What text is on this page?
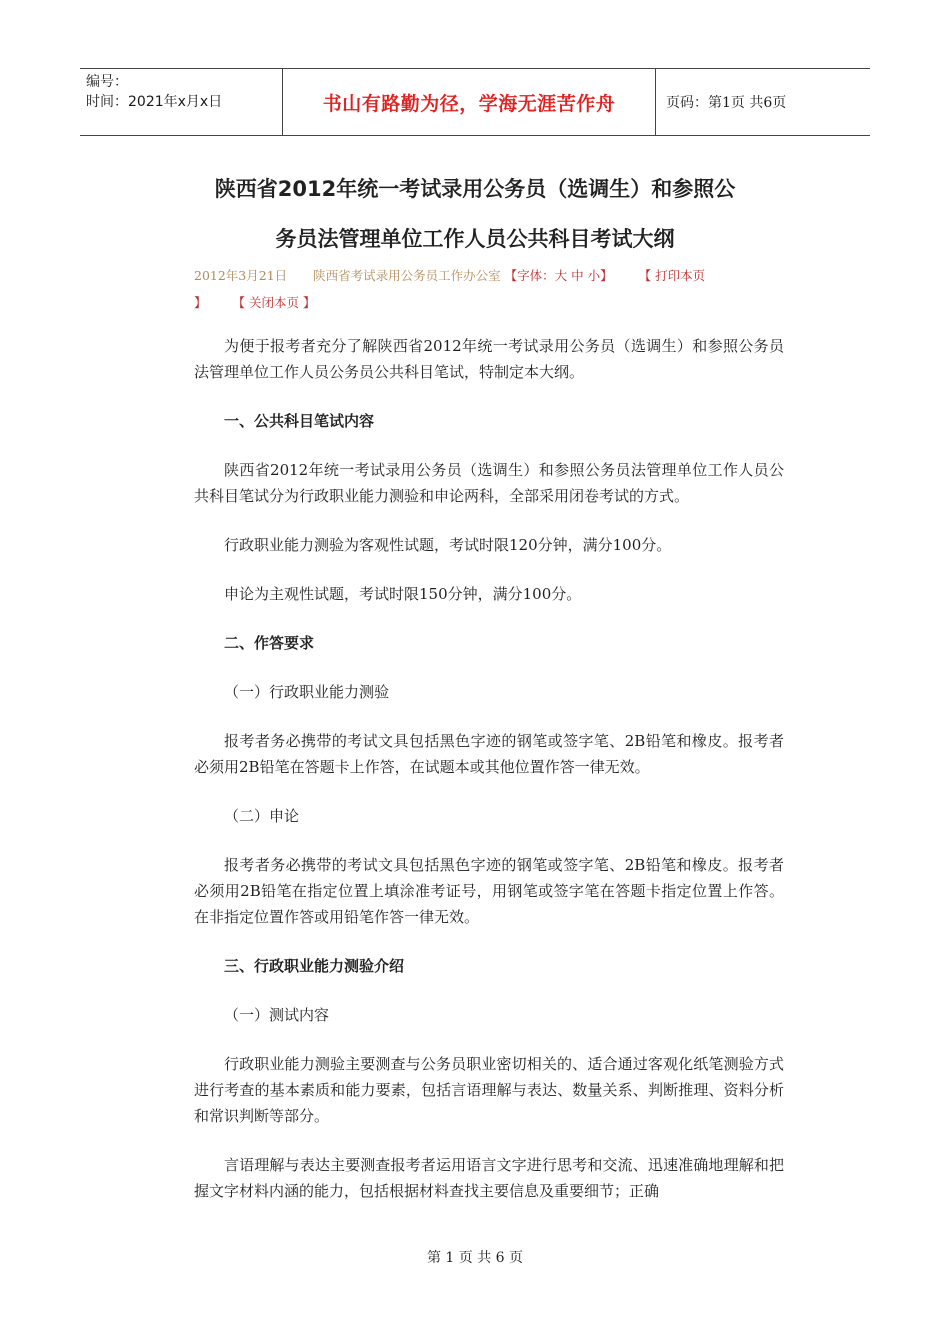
编号：
时间：2021年x月x日	书山有路勤为径，学海无涯苦作舟	页码：第1页 共6页
陕西省2012年统一考试录用公务员（选调生）和参照公
务员法管理单位工作人员公共科目考试大纲
2012年3月21日 陕西省考试录用公务员工作办公室 【字体：大 中 小】 【 打印本页
】 【 关闭本页 】

为便于报考者充分了解陕西省2012年统一考试录用公务员（选调生）和参照公务员法管理单位工作人员公务员公共科目笔试，特制定本大纲。

一、公共科目笔试内容

陕西省2012年统一考试录用公务员（选调生）和参照公务员法管理单位工作人员公共科目笔试分为行政职业能力测验和申论两科，全部采用闭卷考试的方式。

行政职业能力测验为客观性试题，考试时限120分钟，满分100分。

申论为主观性试题，考试时限150分钟，满分100分。

二、作答要求

（一）行政职业能力测验

报考者务必携带的考试文具包括黑色字迹的钢笔或签字笔、2B铅笔和橡皮。报考者必须用2B铅笔在答题卡上作答，在试题本或其他位置作答一律无效。

（二）申论

报考者务必携带的考试文具包括黑色字迹的钢笔或签字笔、2B铅笔和橡皮。报考者必须用2B铅笔在指定位置上填涂准考证号，用钢笔或签字笔在答题卡指定位置上作答。在非指定位置作答或用铅笔作答一律无效。

三、行政职业能力测验介绍

（一）测试内容

行政职业能力测验主要测查与公务员职业密切相关的、适合通过客观化纸笔测验方式进行考查的基本素质和能力要素，包括言语理解与表达、数量关系、判断推理、资料分析和常识判断等部分。

言语理解与表达主要测查报考者运用语言文字进行思考和交流、迅速准确地理解和把握文字材料内涵的能力，包括根据材料查找主要信息及重要细节；正确

第 1 页 共 6 页
